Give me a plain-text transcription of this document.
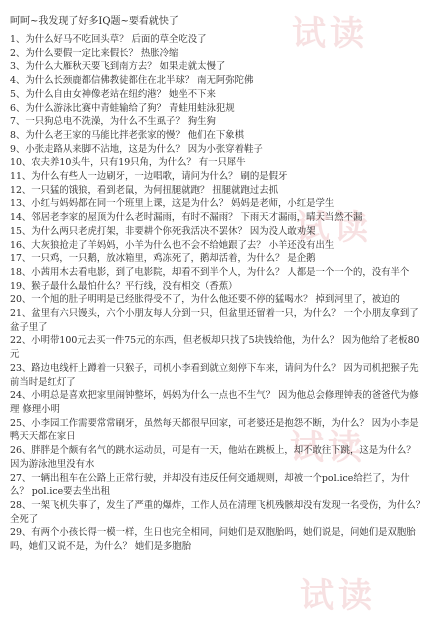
试读
试读
试读
试读
呵呵~我发现了好多IQ题~要看就快了
1、为什么好马不吃回头草？ 后面的草全吃没了
2、为什么要假一定比来假长？ 热胀冷缩
3、为什么大雁秋天要飞到南方去？ 如果走就太慢了
4、为什么长颈鹿都信佛教徒都住在北半球？ 南无阿弥陀佛
5、为什么自由女神像老站在纽约港？ 她坐不下来
6、为什么游泳比赛中青蛙输给了狗？ 青蛙用蛙泳犯规
7、一只狗总电不洗澡，为什么不生虱子？ 狗生狗
8、为什么老王家的马能比拌老张家的慢？ 他们在下象棋
9、小张走路从来脚不沾地，这是为什么？ 因为小张穿着鞋子
10、农夫养10头牛，只有19只角，为什么？ 有一只犀牛
11、为什么有些人一边刷牙，一边唱歌，请问为什么？ 刷的是假牙
12、一只猛的饿狼，看到老鼠，为何扭腿就跑？ 扭腿就跑过去抓
13、小红与妈妈都在同一个班里上课，这是为什么？ 妈妈是老师，小红是学生
14、邻居老李家的屋顶为什么老时漏雨，有时不漏雨？ 下雨天才漏雨，晴天当然不漏
15、为什么两只老虎打架，非要耕个你死我活决不罢休？ 因为没人敢劝架
16、大灰狼抢走了羊妈妈，小羊为什么也不会不给她跟了去？ 小羊还没有出生
17、一只鸡，一只鹅，放冰箱里，鸡冻死了，鹅却活着，为什么？ 是企鹅
18、小茜用木去看电影，到了电影院，却看不到半个人，为什么？ 人都是一个一个的，没有半个
19、猴子最什么最怕什么？平行线，没有相交（香蕉）
20、一个旭的肚子明明是已经胀得受不了，为什么他还要不停的猛喝水？ 掉到河里了，被迫的
21、盆里有六只馒头，六个小朋友每人分到一只，但盆里还留着一只，为什么？ 一个小朋友拿到了盆子里了
22、小明带100元去买一件75元的东西，但老板却只找了5块钱给他，为什么？ 因为他给了老板80元
23、路边电线杆上蹲着一只猴子，司机小李看到就立刻停下车来，请问为什么？ 因为司机把猴子先前当时是红灯了
24、小明总是喜欢把家里闹钟整坏，妈妈为什么一点也不生气？ 因为他总会修理钟表的爸爸代为修理 修理小明
25、小李园工作需要常常刷牙，虽然每天都很早回家，可老婆还是抱怨不断，为什么？ 因为小李是鸭天天都在家日
26、胖胖是个颇有名气的跳水运动员，可是有一天，他站在跳板上，却不敢往下跳，这是为什么？ 因为游泳池里没有水
27、一辆出租车在公路上正常行驶，并却没有违反任何交通规则，却被一个pol.ice给拦了，为什么？ pol.ice要去坐出租
28、一架飞机失事了，发生了严重的爆炸，工作人员在清理飞机残骸却没有发现一名受伤，为什么？ 全死了
29、有两个小孩长得一模一样，生日也完全相同，问她们是双胞胎吗，她们说是，问她们是双胞胎吗，她们又说不是，为什么？ 她们是多胞胎
